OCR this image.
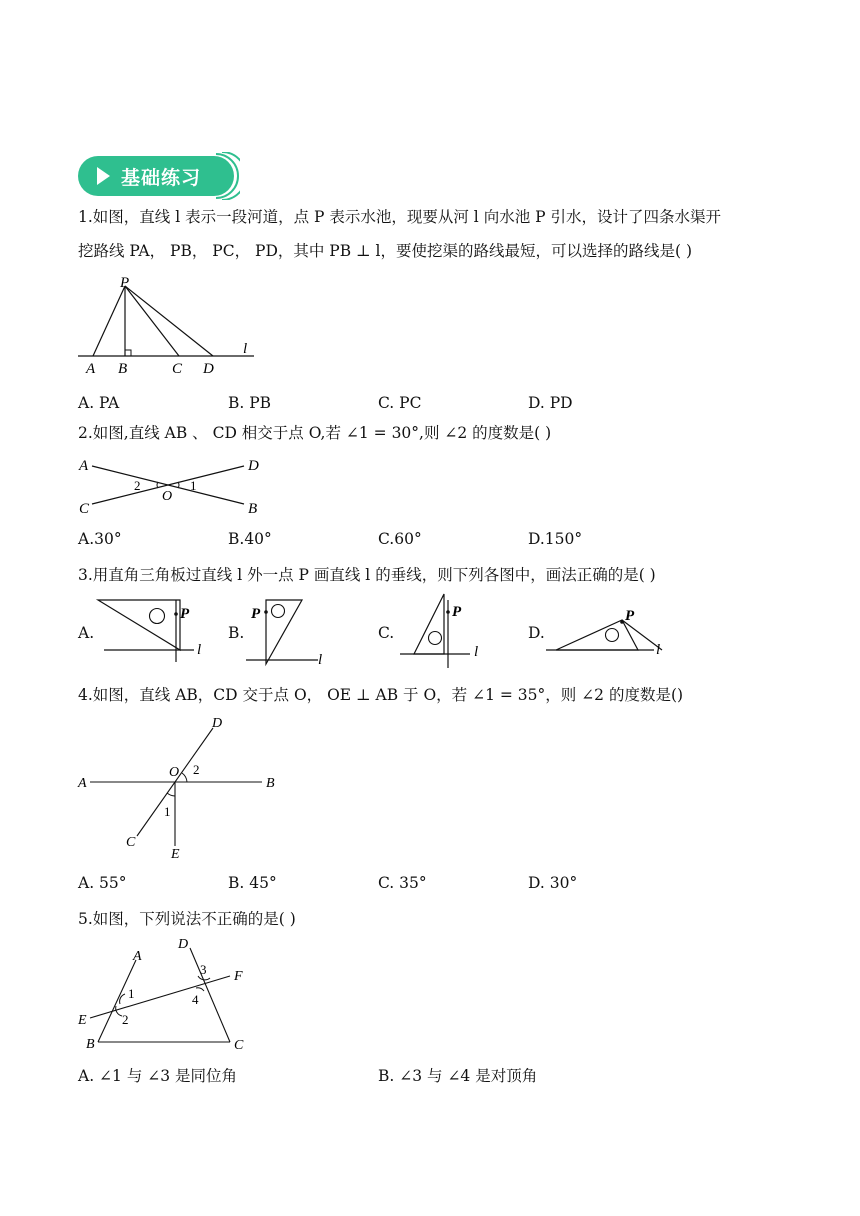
基础练习
1.如图，直线 l 表示一段河道，点 P 表示水池，现要从河 l 向水池 P 引水，设计了四条水渠开
挖路线 PA， PB， PC， PD，其中 PB ⊥ l，要使挖渠的路线最短，可以选择的路线是( )
P
A B	C D
l
A. PA	B. PB	C. PC	D. PD
2.如图,直线 AB 、 CD 相交于点 O,若 ∠1 = 30°,则 ∠2 的度数是( )
A	D
C	B
O
2	1
A.30°	B.40°	C.60°	D.150°
3.用直角三角板过直线 l 外一点 P 画直线 l 的垂线，则下列各图中，画法正确的是( )
A.
P
l
B.
P
l
C.
P
l
D.
P
l
4.如图，直线 AB，CD 交于点 O， OE ⊥ AB 于 O，若 ∠1 = 35°，则 ∠2 的度数是()
A	B
D
C
E
O 2
1
A. 55°	B. 45°	C. 35°	D. 30°
5.如图，下列说法不正确的是( )
A
D
F
E
B	C
1
2
3
4
A. ∠1 与 ∠3 是同位角	B. ∠3 与 ∠4 是对顶角
